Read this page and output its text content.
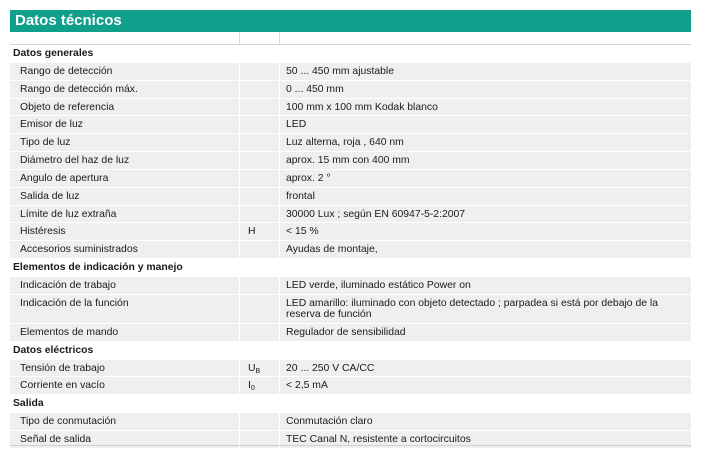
Datos técnicos
Datos generales
Rango de detección	50 ... 450 mm ajustable
Rango de detección máx.	0 ... 450 mm
Objeto de referencia	100 mm x 100 mm Kodak blanco
Emisor de luz	LED
Tipo de luz	Luz alterna, roja , 640 nm
Diámetro del haz de luz	aprox. 15 mm con 400 mm
Angulo de apertura	aprox. 2 °
Salida de luz	frontal
Límite de luz extraña	30000 Lux ; según EN 60947-5-2:2007
Histéresis	H	< 15 %
Accesorios suministrados	Ayudas de montaje,
Elementos de indicación y manejo
Indicación de trabajo	LED verde, iluminado estático Power on
Indicación de la función	LED amarillo: iluminado con objeto detectado ; parpadea si está por debajo de la reserva de función
Elementos de mando	Regulador de sensibilidad
Datos eléctricos
Tensión de trabajo	$U_B$	20 ... 250 V CA/CC
Corriente en vacío	$I_0$	< 2,5 mA
Salida
Tipo de conmutación	Conmutación claro
Señal de salida	TEC Canal N, resistente a cortocircuitos
